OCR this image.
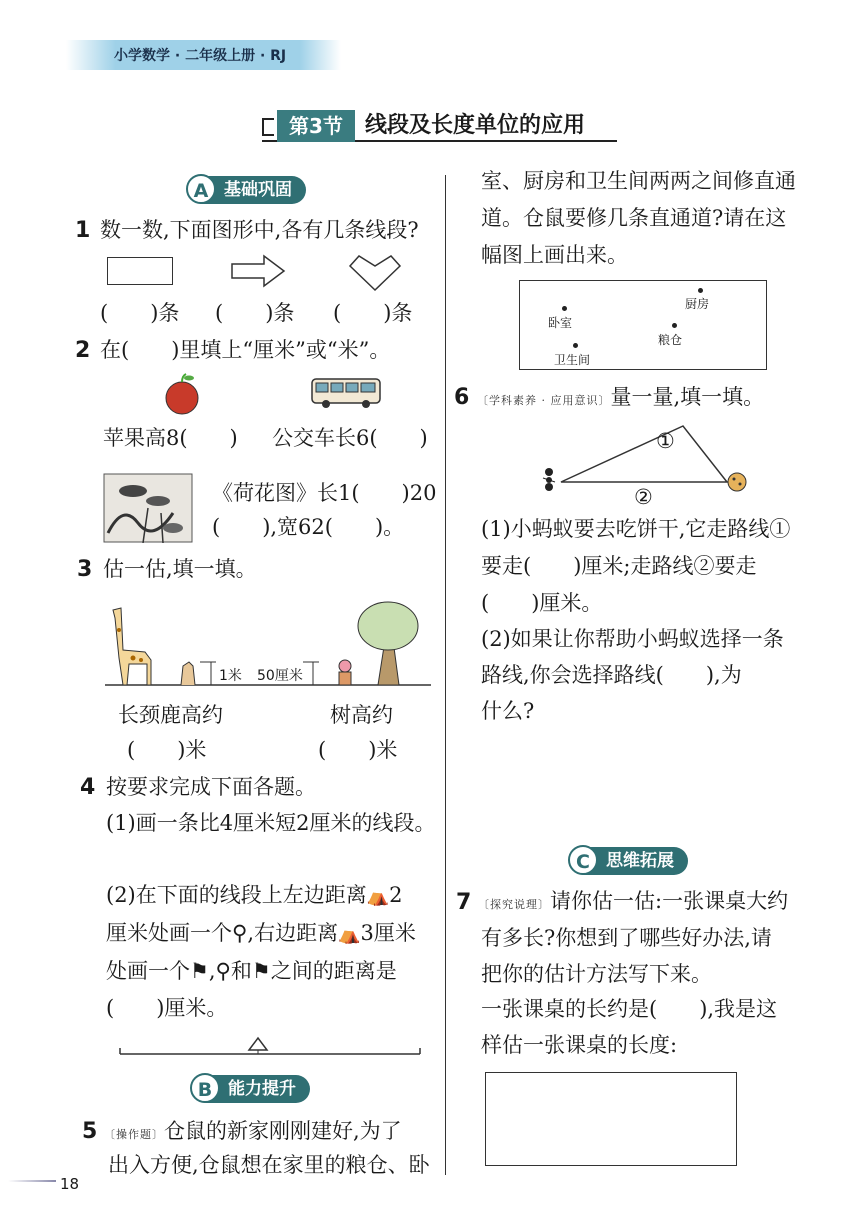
小学数学 · 二年级上册 · RJ
第3节	线段及长度单位的应用
A 基础巩固
1 数一数,下面图形中,各有几条线段?
(　　)条 (　　)条 (　　)条
2 在(　　)里填上“厘米”或“米”。
苹果高8(　　) 公交车长6(　　)
《荷花图》长1(　　)20
(　　),宽62(　　)。
3 估一估,填一填。
1米 50厘米
长颈鹿高约	树高约
(　　)米	(　　)米
4 按要求完成下面各题。
(1)画一条比4厘米短2厘米的线段。
(2)在下面的线段上左边距离⛺2
厘米处画一个⚲,右边距离⛺3厘米
处画一个⚑,⚲和⚑之间的距离是
(　　)厘米。
B 能力提升
5 〔操作题〕仓鼠的新家刚刚建好,为了
出入方便,仓鼠想在家里的粮仓、卧
室、厨房和卫生间两两之间修直通
道。仓鼠要修几条直通道?请在这
幅图上画出来。
厨房
卧室
粮仓
卫生间
6 〔学科素养 · 应用意识〕量一量,填一填。
①
②
(1)小蚂蚁要去吃饼干,它走路线①
要走(　　)厘米;走路线②要走
(　　)厘米。
(2)如果让你帮助小蚂蚁选择一条
路线,你会选择路线(　　),为
什么?
C 思维拓展
7 〔探究说理〕请你估一估:一张课桌大约
有多长?你想到了哪些好办法,请
把你的估计方法写下来。
一张课桌的长约是(　　),我是这
样估一张课桌的长度:
18
